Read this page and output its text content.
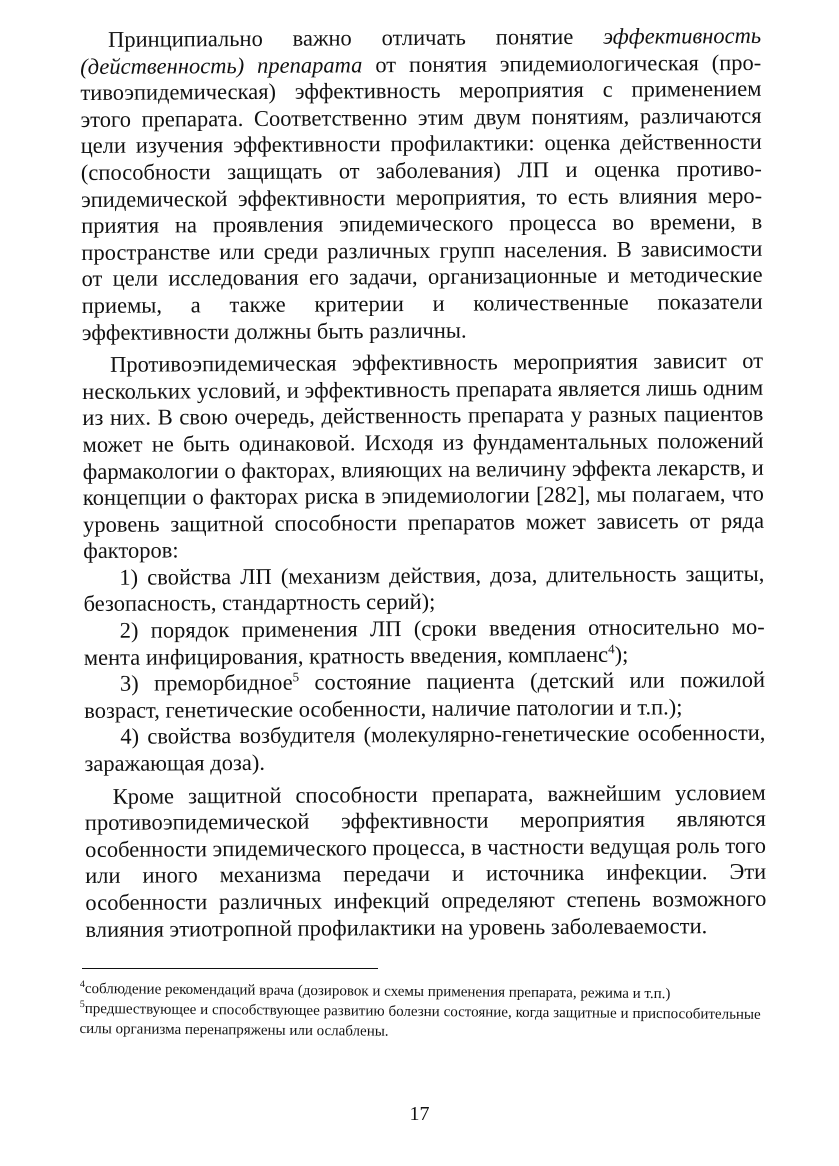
Принципиально важно отличать понятие эффективность (действенность) препарата от понятия эпидемиологическая (противоэпидемическая) эффективность мероприятия с применением этого препарата. Соответственно этим двум понятиям, различаются цели изучения эффективности профилактики: оценка действенности (способности защищать от заболевания) ЛП и оценка противоэпидемической эффективности мероприятия, то есть влияния мероприятия на проявления эпидемического процесса во времени, в пространстве или среди различных групп населения. В зависимости от цели исследования его задачи, организационные и методические приемы, а также критерии и количественные показатели эффективности должны быть различны.

Противоэпидемическая эффективность мероприятия зависит от нескольких условий, и эффективность препарата является лишь одним из них. В свою очередь, действенность препарата у разных пациентов может не быть одинаковой. Исходя из фундаментальных положений фармакологии о факторах, влияющих на величину эффекта лекарств, и концепции о факторах риска в эпидемиологии [282], мы полагаем, что уровень защитной способности препаратов может зависеть от ряда факторов:

1) свойства ЛП (механизм действия, доза, длительность защиты, безопасность, стандартность серий);

2) порядок применения ЛП (сроки введения относительно момента инфицирования, кратность введения, комплаенс$^4$);

3) преморбидное$^5$ состояние пациента (детский или пожилой возраст, генетические особенности, наличие патологии и т.п.);

4) свойства возбудителя (молекулярно-генетические особенности, заражающая доза).

Кроме защитной способности препарата, важнейшим условием противоэпидемической эффективности мероприятия являются особенности эпидемического процесса, в частности ведущая роль того или иного механизма передачи и источника инфекции. Эти особенности различных инфекций определяют степень возможного влияния этиотропной профилактики на уровень заболеваемости.

$^4$соблюдение рекомендаций врача (дозировок и схемы применения препарата, режима и т.п.)

$^5$предшествующее и способствующее развитию болезни состояние, когда защитные и приспособительные силы организма перенапряжены или ослаблены.

17
